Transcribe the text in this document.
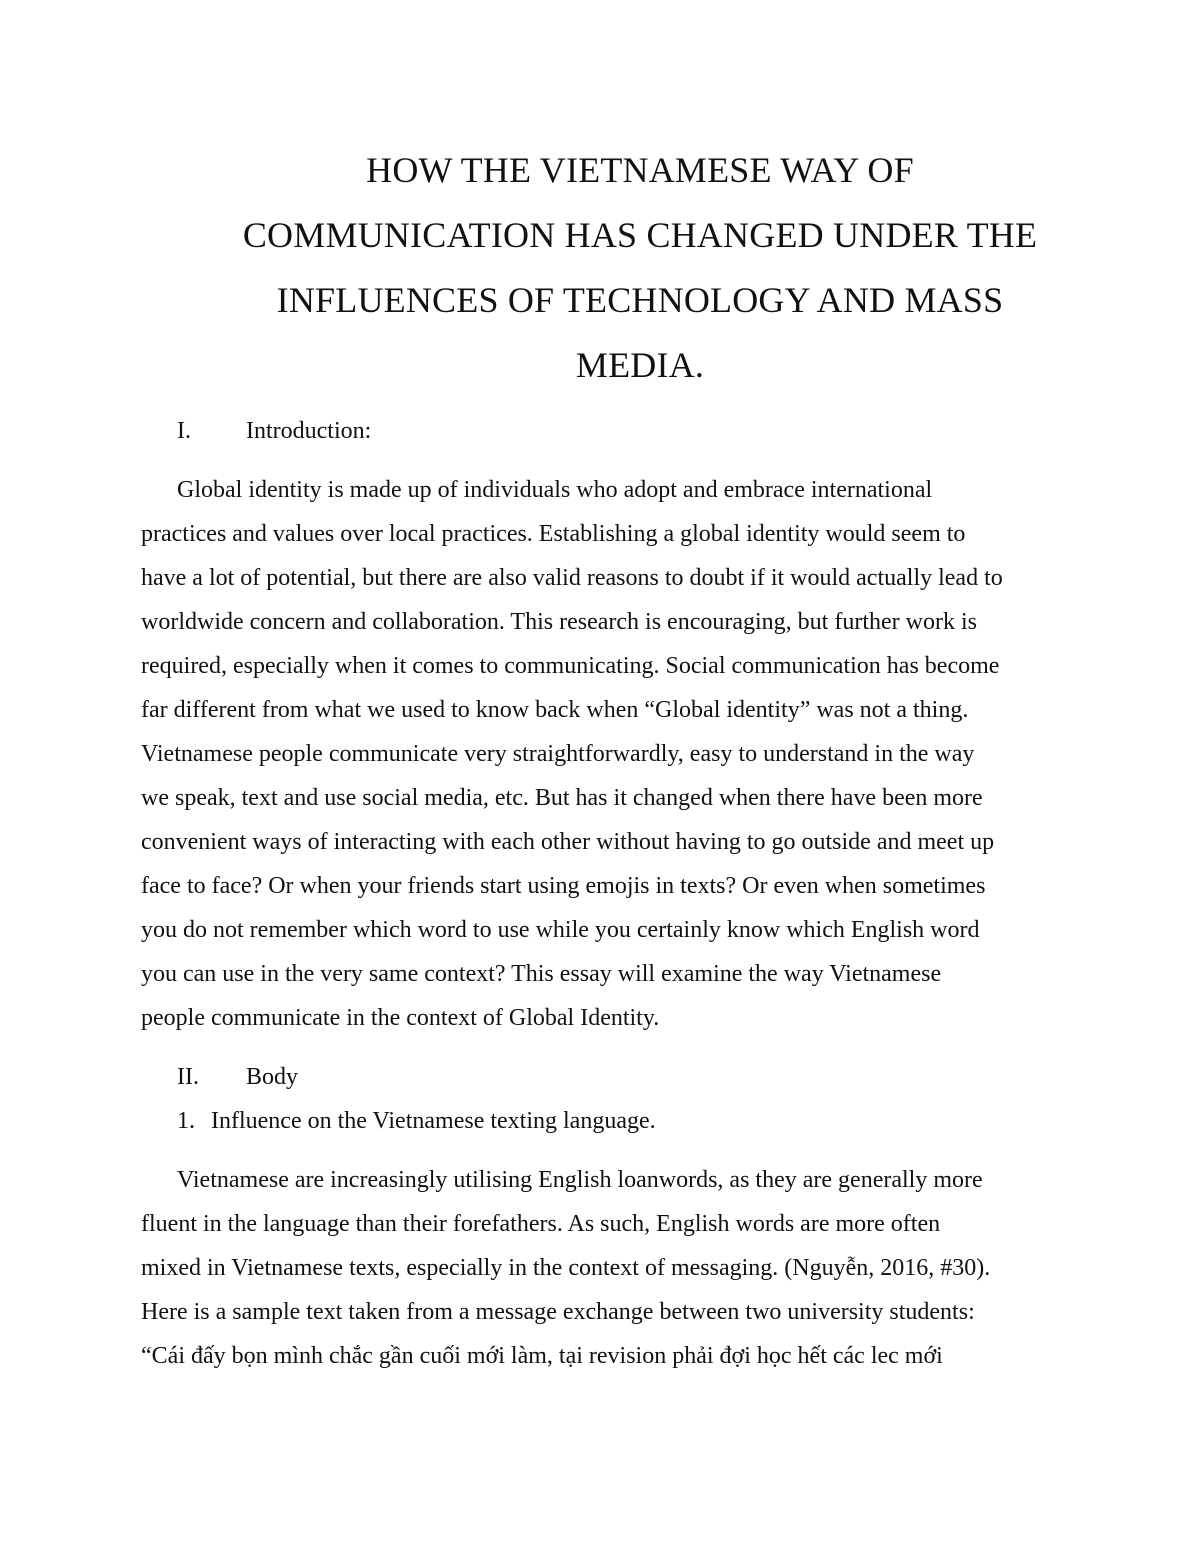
HOW THE VIETNAMESE WAY OF
COMMUNICATION HAS CHANGED UNDER THE
INFLUENCES OF TECHNOLOGY AND MASS
MEDIA.
I. Introduction:
Global identity is made up of individuals who adopt and embrace international
practices and values over local practices. Establishing a global identity would seem to
have a lot of potential, but there are also valid reasons to doubt if it would actually lead to
worldwide concern and collaboration. This research is encouraging, but further work is
required, especially when it comes to communicating. Social communication has become
far different from what we used to know back when “Global identity” was not a thing.
Vietnamese people communicate very straightforwardly, easy to understand in the way
we speak, text and use social media, etc. But has it changed when there have been more
convenient ways of interacting with each other without having to go outside and meet up
face to face? Or when your friends start using emojis in texts? Or even when sometimes
you do not remember which word to use while you certainly know which English word
you can use in the very same context? This essay will examine the way Vietnamese
people communicate in the context of Global Identity.
II. Body
1. Influence on the Vietnamese texting language.
Vietnamese are increasingly utilising English loanwords, as they are generally more
fluent in the language than their forefathers. As such, English words are more often
mixed in Vietnamese texts, especially in the context of messaging. (Nguyễn, 2016, #30).
Here is a sample text taken from a message exchange between two university students:
“Cái đấy bọn mình chắc gần cuối mới làm, tại revision phải đợi học hết các lec mới
